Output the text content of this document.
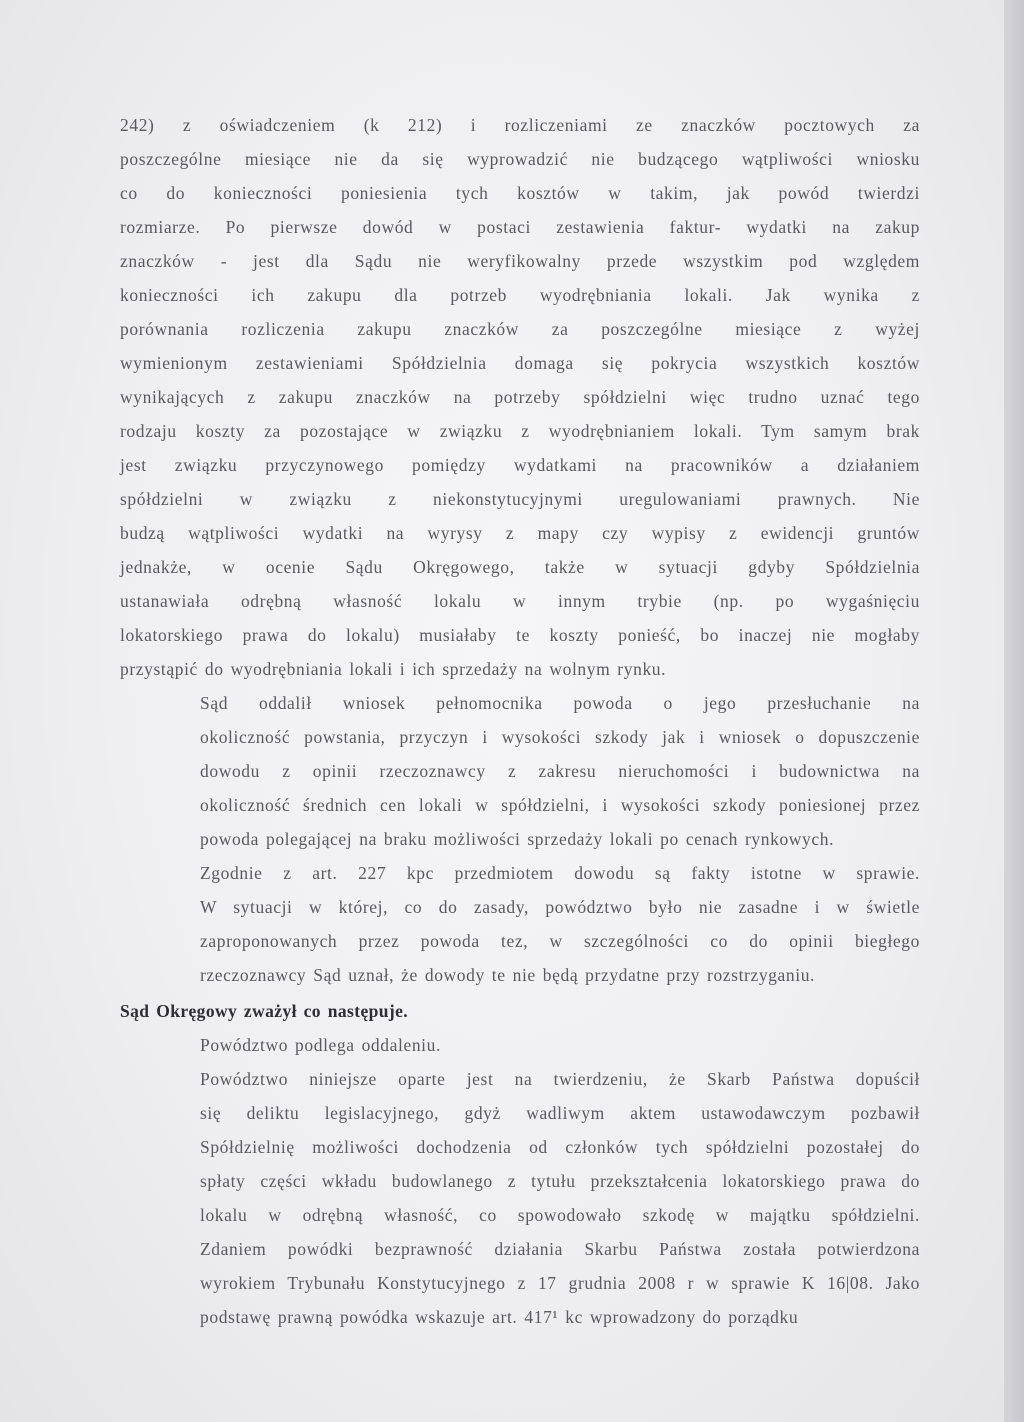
242) z oświadczeniem (k 212) i rozliczeniami ze znaczków pocztowych za
poszczególne miesiące nie da się wyprowadzić nie budzącego wątpliwości wniosku
co do konieczności poniesienia tych kosztów w takim, jak powód twierdzi
rozmiarze. Po pierwsze dowód w postaci zestawienia faktur- wydatki na zakup
znaczków - jest dla Sądu nie weryfikowalny przede wszystkim pod względem
konieczności ich zakupu dla potrzeb wyodrębniania lokali. Jak wynika z
porównania rozliczenia zakupu znaczków za poszczególne miesiące z wyżej
wymienionym zestawieniami Spółdzielnia domaga się pokrycia wszystkich kosztów
wynikających z zakupu znaczków na potrzeby spółdzielni więc trudno uznać tego
rodzaju koszty za pozostające w związku z wyodrębnianiem lokali. Tym samym brak
jest związku przyczynowego pomiędzy wydatkami na pracowników a działaniem
spółdzielni w związku z niekonstytucyjnymi uregulowaniami prawnych. Nie
budzą wątpliwości wydatki na wyrysy z mapy czy wypisy z ewidencji gruntów
jednakże, w ocenie Sądu Okręgowego, także w sytuacji gdyby Spółdzielnia
ustanawiała odrębną własność lokalu w innym trybie (np. po wygaśnięciu
lokatorskiego prawa do lokalu) musiałaby te koszty ponieść, bo inaczej nie mogłaby
przystąpić do wyodrębniania lokali i ich sprzedaży na wolnym rynku.
Sąd oddalił wniosek pełnomocnika powoda o jego przesłuchanie na
okoliczność powstania, przyczyn i wysokości szkody jak i wniosek o dopuszczenie
dowodu z opinii rzeczoznawcy z zakresu nieruchomości i budownictwa na
okoliczność średnich cen lokali w spółdzielni, i wysokości szkody poniesionej przez
powoda polegającej na braku możliwości sprzedaży lokali po cenach rynkowych.
Zgodnie z art. 227 kpc przedmiotem dowodu są fakty istotne w sprawie.
W sytuacji w której, co do zasady, powództwo było nie zasadne i w świetle
zaproponowanych przez powoda tez, w szczególności co do opinii biegłego
rzeczoznawcy Sąd uznał, że dowody te nie będą przydatne przy rozstrzyganiu.
Sąd Okręgowy zważył co następuje.
Powództwo podlega oddaleniu.
Powództwo niniejsze oparte jest na twierdzeniu, że Skarb Państwa dopuścił
się deliktu legislacyjnego, gdyż wadliwym aktem ustawodawczym pozbawił
Spółdzielnię możliwości dochodzenia od członków tych spółdzielni pozostałej do
spłaty części wkładu budowlanego z tytułu przekształcenia lokatorskiego prawa do
lokalu w odrębną własność, co spowodowało szkodę w majątku spółdzielni.
Zdaniem powódki bezprawność działania Skarbu Państwa została potwierdzona
wyrokiem Trybunału Konstytucyjnego z 17 grudnia 2008 r w sprawie K 16|08. Jako
podstawę prawną powódka wskazuje art. 417¹ kc wprowadzony do porządku
